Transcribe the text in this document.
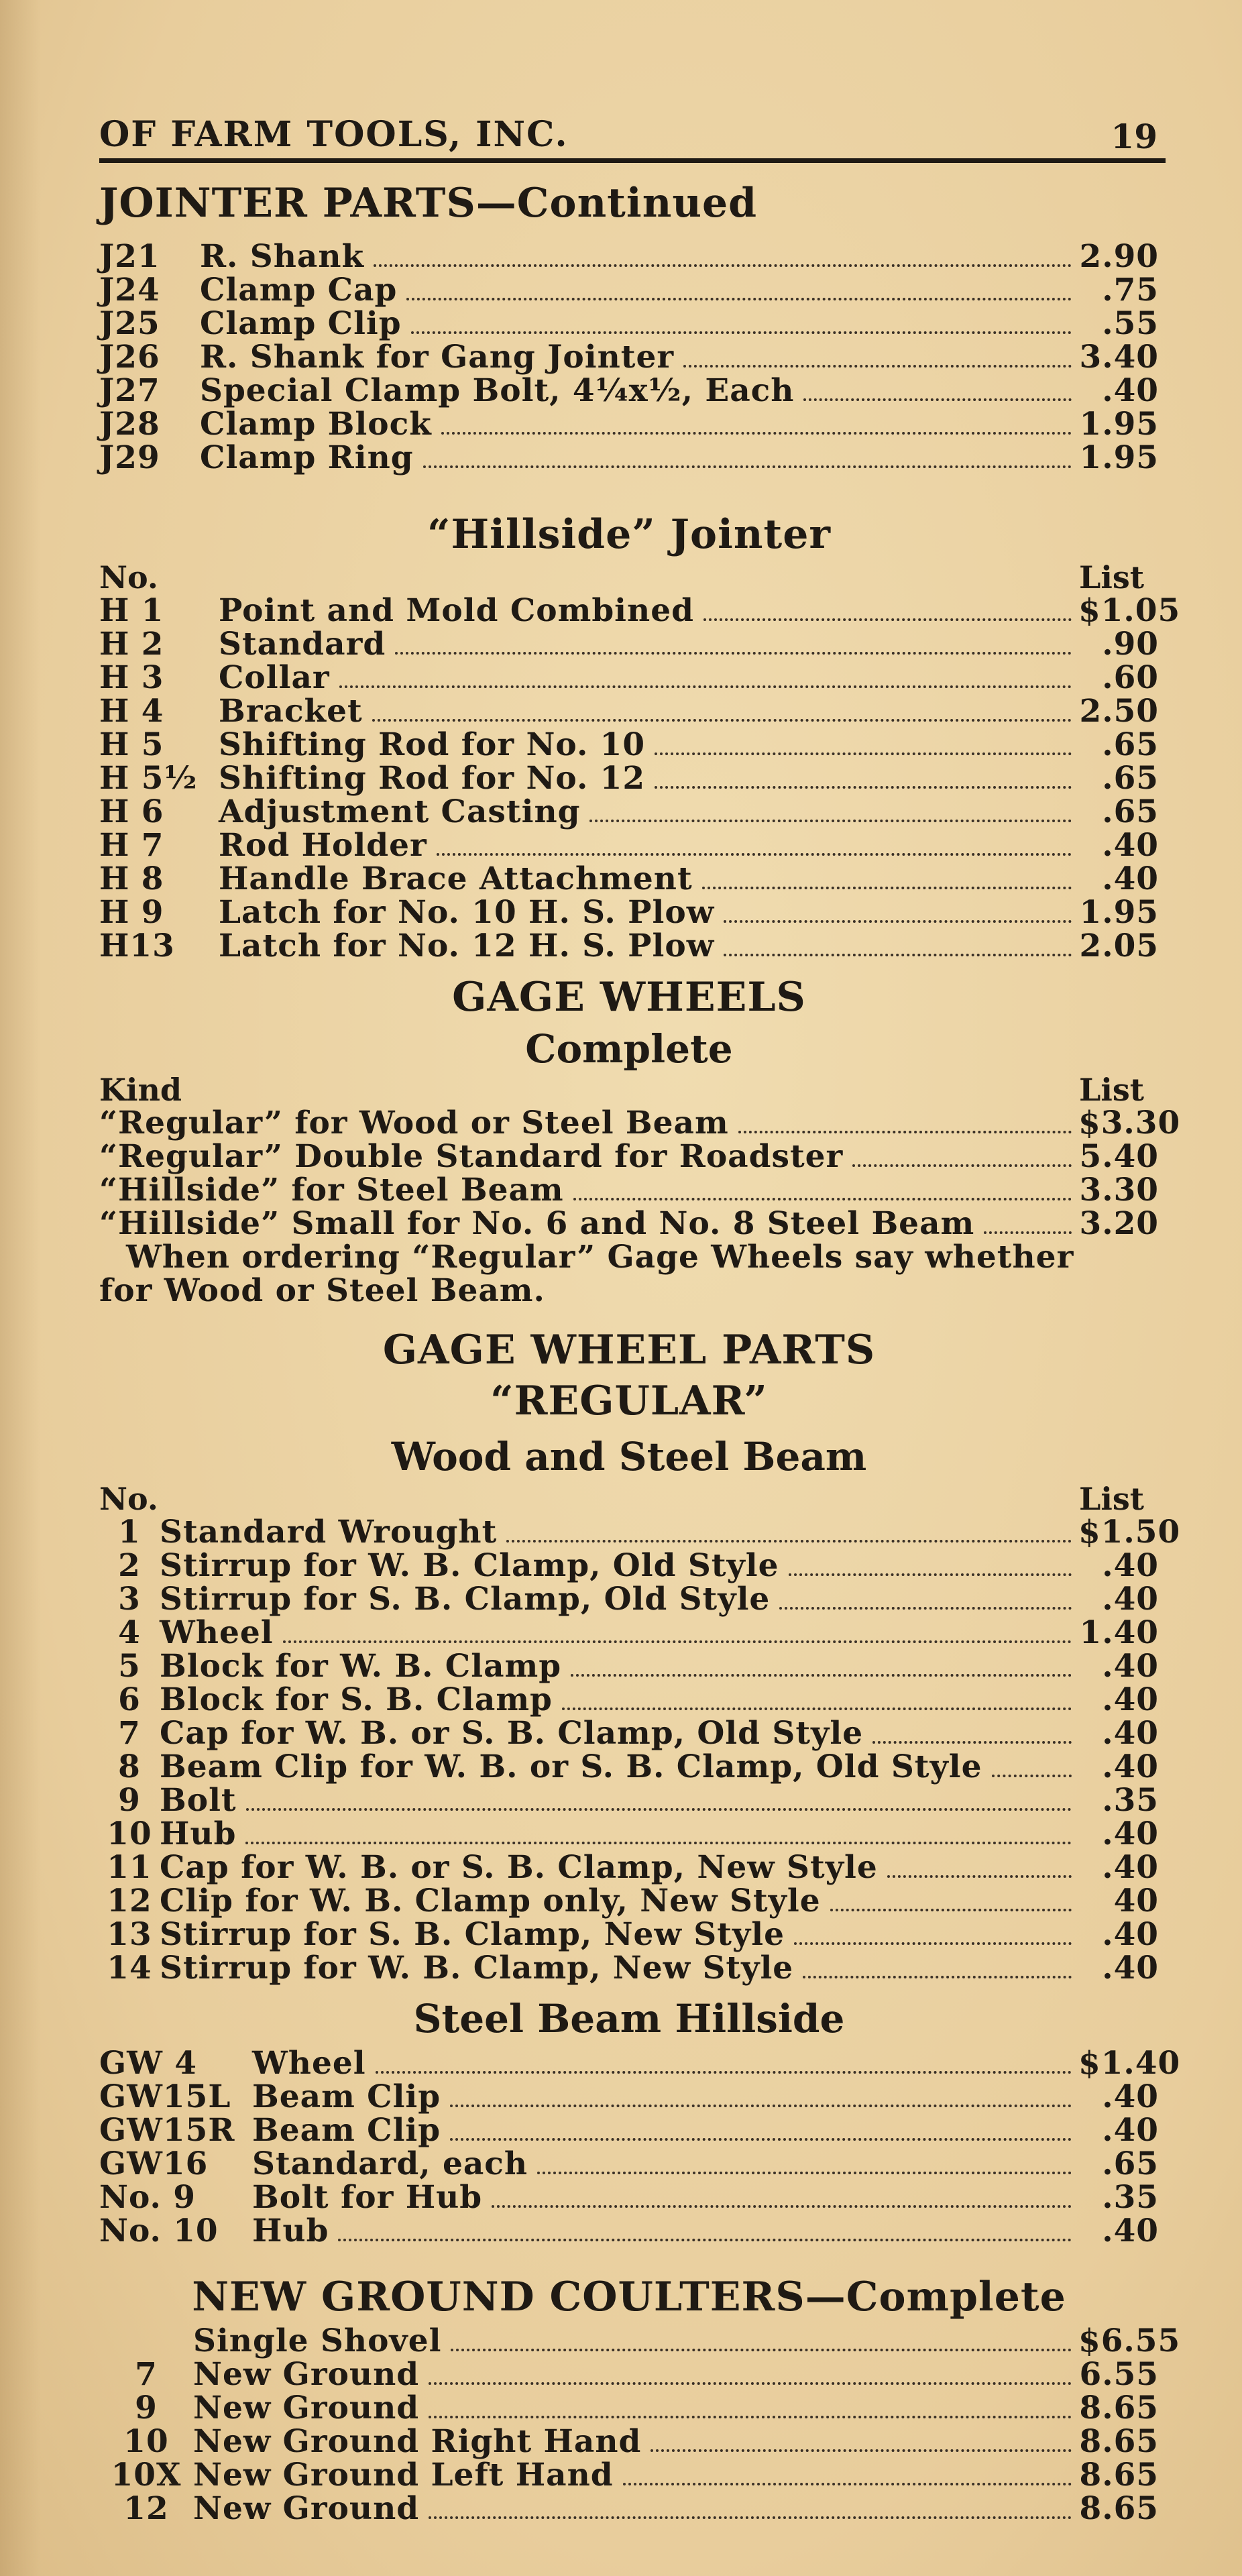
OF FARM TOOLS, INC.	19
JOINTER PARTS—Continued
J21	R. Shank	2.90
J24	Clamp Cap	.75
J25	Clamp Clip	.55
J26	R. Shank for Gang Jointer	3.40
J27	Special Clamp Bolt, 4¼x½, Each	.40
J28	Clamp Block	1.95
J29	Clamp Ring	1.95
“Hillside” Jointer
No.	List
H 1	Point and Mold Combined	$1.05
H 2	Standard	.90
H 3	Collar	.60
H 4	Bracket	2.50
H 5	Shifting Rod for No. 10	.65
H 5½ Shifting Rod for No. 12	.65
H 6	Adjustment Casting	.65
H 7	Rod Holder	.40
H 8	Handle Brace Attachment	.40
H 9	Latch for No. 10 H. S. Plow	1.95
H13	Latch for No. 12 H. S. Plow	2.05
GAGE WHEELS
Complete
Kind	List
“Regular” for Wood or Steel Beam	$3.30
“Regular” Double Standard for Roadster	5.40
“Hillside” for Steel Beam	3.30
“Hillside” Small for No. 6 and No. 8 Steel Beam	3.20
When ordering “Regular” Gage Wheels say whether
for Wood or Steel Beam.
GAGE WHEEL PARTS
“REGULAR”
Wood and Steel Beam
No.	List
1 Standard Wrought	$1.50
2 Stirrup for W. B. Clamp, Old Style	.40
3 Stirrup for S. B. Clamp, Old Style	.40
4 Wheel	1.40
5 Block for W. B. Clamp	.40
6 Block for S. B. Clamp	.40
7 Cap for W. B. or S. B. Clamp, Old Style	.40
8 Beam Clip for W. B. or S. B. Clamp, Old Style	.40
9 Bolt	.35
10 Hub	.40
11 Cap for W. B. or S. B. Clamp, New Style	.40
12 Clip for W. B. Clamp only, New Style	40
13 Stirrup for S. B. Clamp, New Style	.40
14 Stirrup for W. B. Clamp, New Style	.40
Steel Beam Hillside
GW 4	Wheel	$1.40
GW15L Beam Clip	.40
GW15R Beam Clip	.40
GW16	Standard, each	.65
No. 9	Bolt for Hub	.35
No. 10	Hub	.40
NEW GROUND COULTERS—Complete
Single Shovel	$6.55
7	New Ground	6.55
9	New Ground	8.65
10 New Ground Right Hand	8.65
10X New Ground Left Hand	8.65
12 New Ground	8.65
